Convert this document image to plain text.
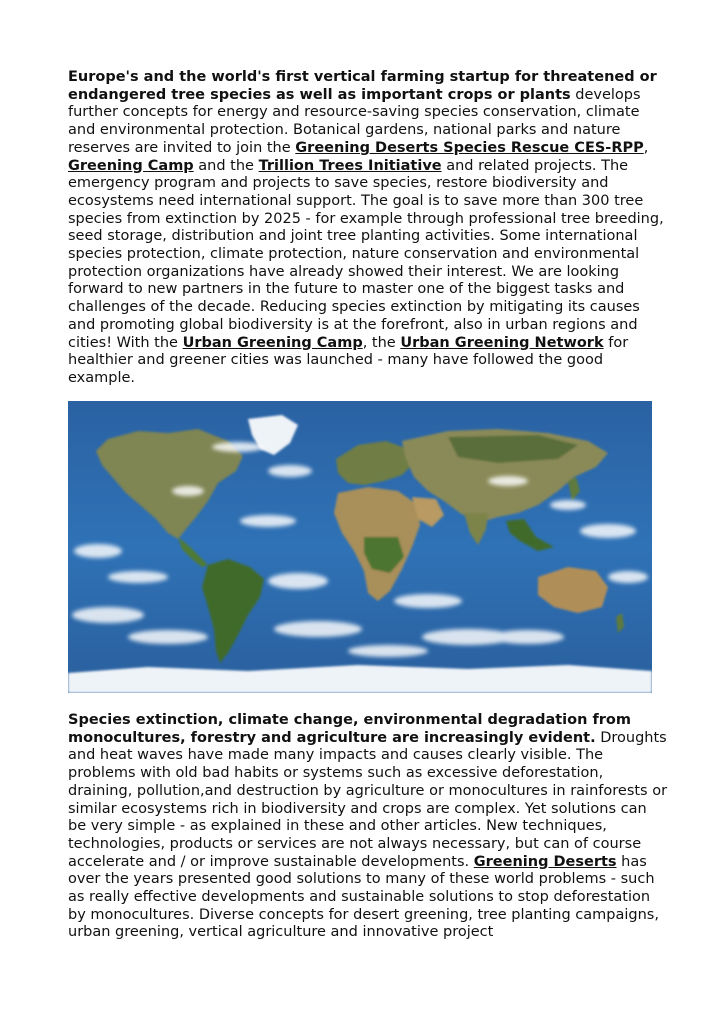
Europe's and the world's first vertical farming startup for threatened or endangered tree species as well as important crops or plants develops further concepts for energy and resource-saving species conservation, climate and environmental protection. Botanical gardens, national parks and nature reserves are invited to join the Greening Deserts Species Rescue CES-RPP, Greening Camp and the Trillion Trees Initiative and related projects. The emergency program and projects to save species, restore biodiversity and ecosystems need international support. The goal is to save more than 300 tree species from extinction by 2025 - for example through professional tree breeding, seed storage, distribution and joint tree planting activities. Some international species protection, climate protection, nature conservation and environmental protection organizations have already showed their interest. We are looking forward to new partners in the future to master one of the biggest tasks and challenges of the decade. Reducing species extinction by mitigating its causes and promoting global biodiversity is at the forefront, also in urban regions and cities! With the Urban Greening Camp, the Urban Greening Network for healthier and greener cities was launched - many have followed the good example.
Species extinction, climate change, environmental degradation from monocultures, forestry and agriculture are increasingly evident. Droughts and heat waves have made many impacts and causes clearly visible. The problems with old bad habits or systems such as excessive deforestation, draining, pollution,and destruction by agriculture or monocultures in rainforests or similar ecosystems rich in biodiversity and crops are complex. Yet solutions can be very simple - as explained in these and other articles. New techniques, technologies, products or services are not always necessary, but can of course accelerate and / or improve sustainable developments. Greening Deserts has over the years presented good solutions to many of these world problems - such as really effective developments and sustainable solutions to stop deforestation by monocultures. Diverse concepts for desert greening, tree planting campaigns, urban greening, vertical agriculture and innovative project
